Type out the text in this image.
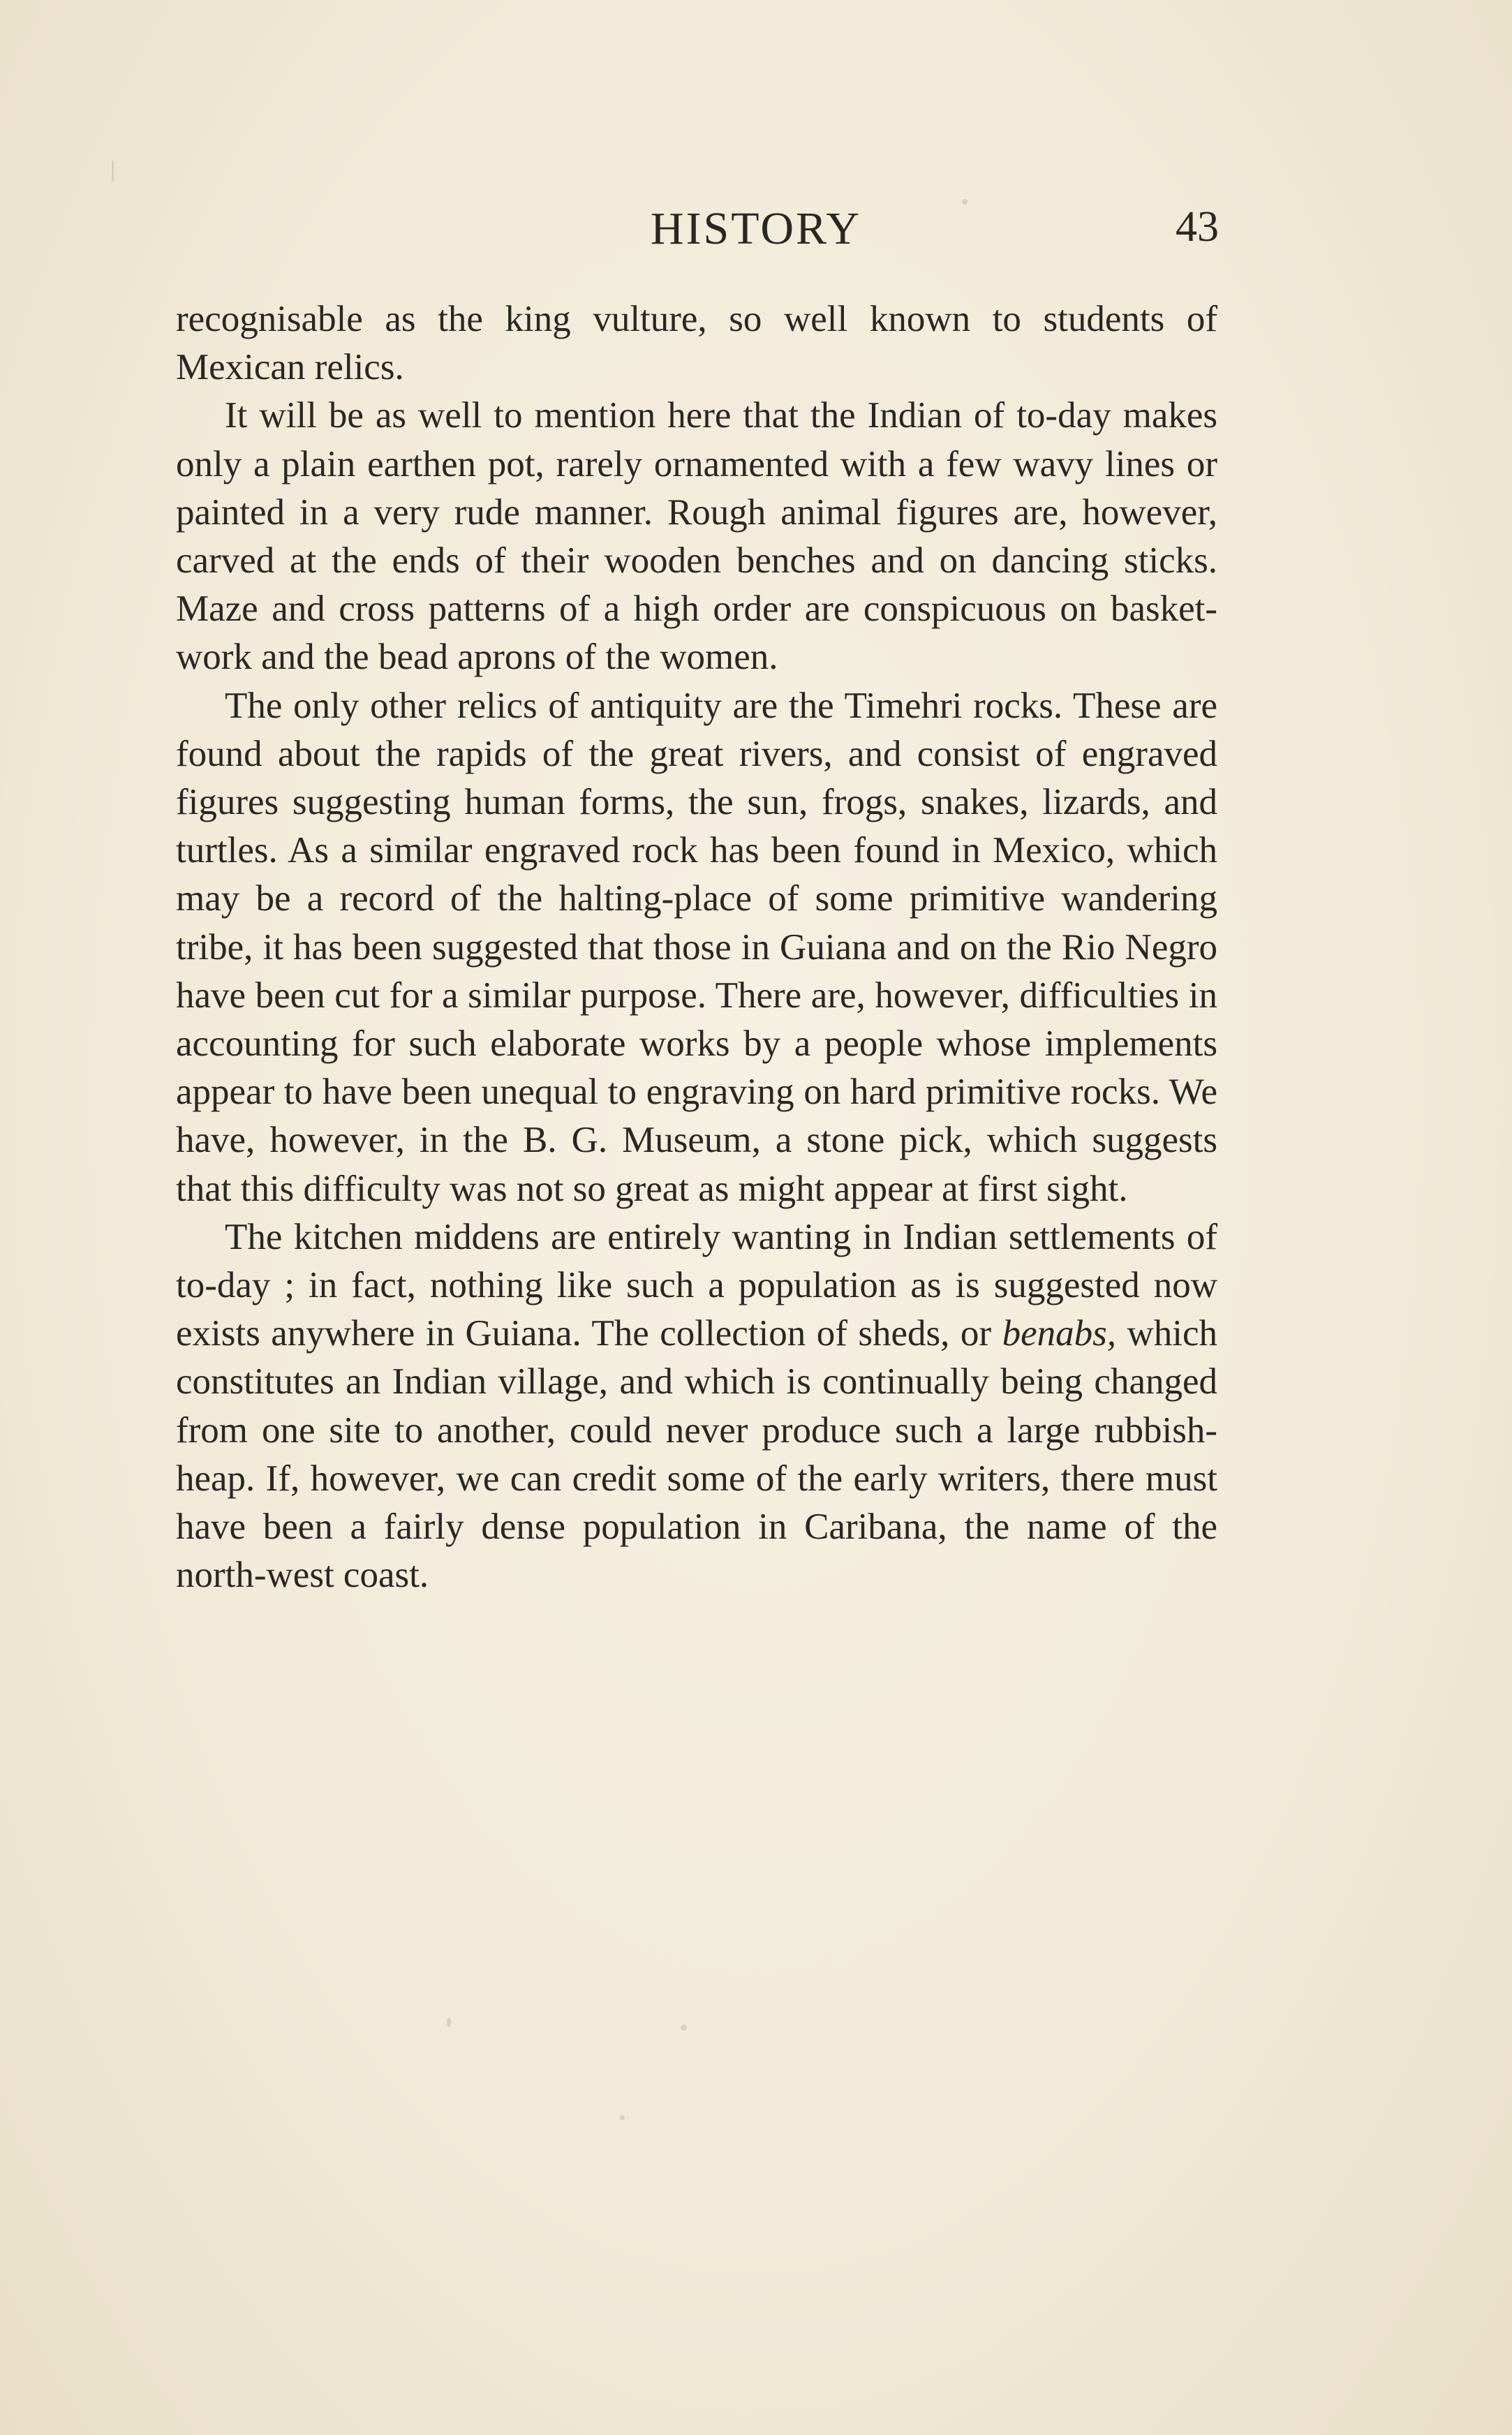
HISTORY	43

recognisable as the king vulture, so well known to students of Mexican relics.

It will be as well to mention here that the Indian of to-day makes only a plain earthen pot, rarely ornamented with a few wavy lines or painted in a very rude manner. Rough animal figures are, however, carved at the ends of their wooden benches and on dancing sticks. Maze and cross patterns of a high order are conspicuous on basket-work and the bead aprons of the women.

The only other relics of antiquity are the Timehri rocks. These are found about the rapids of the great rivers, and consist of engraved figures suggesting human forms, the sun, frogs, snakes, lizards, and turtles. As a similar engraved rock has been found in Mexico, which may be a record of the halting-place of some primitive wandering tribe, it has been suggested that those in Guiana and on the Rio Negro have been cut for a similar purpose. There are, however, difficulties in accounting for such elaborate works by a people whose implements appear to have been unequal to engraving on hard primitive rocks. We have, however, in the B. G. Museum, a stone pick, which suggests that this difficulty was not so great as might appear at first sight.

The kitchen middens are entirely wanting in Indian settlements of to-day ; in fact, nothing like such a population as is suggested now exists anywhere in Guiana. The collection of sheds, or benabs, which constitutes an Indian village, and which is continually being changed from one site to another, could never produce such a large rubbish-heap. If, however, we can credit some of the early writers, there must have been a fairly dense population in Caribana, the name of the north-west coast.
